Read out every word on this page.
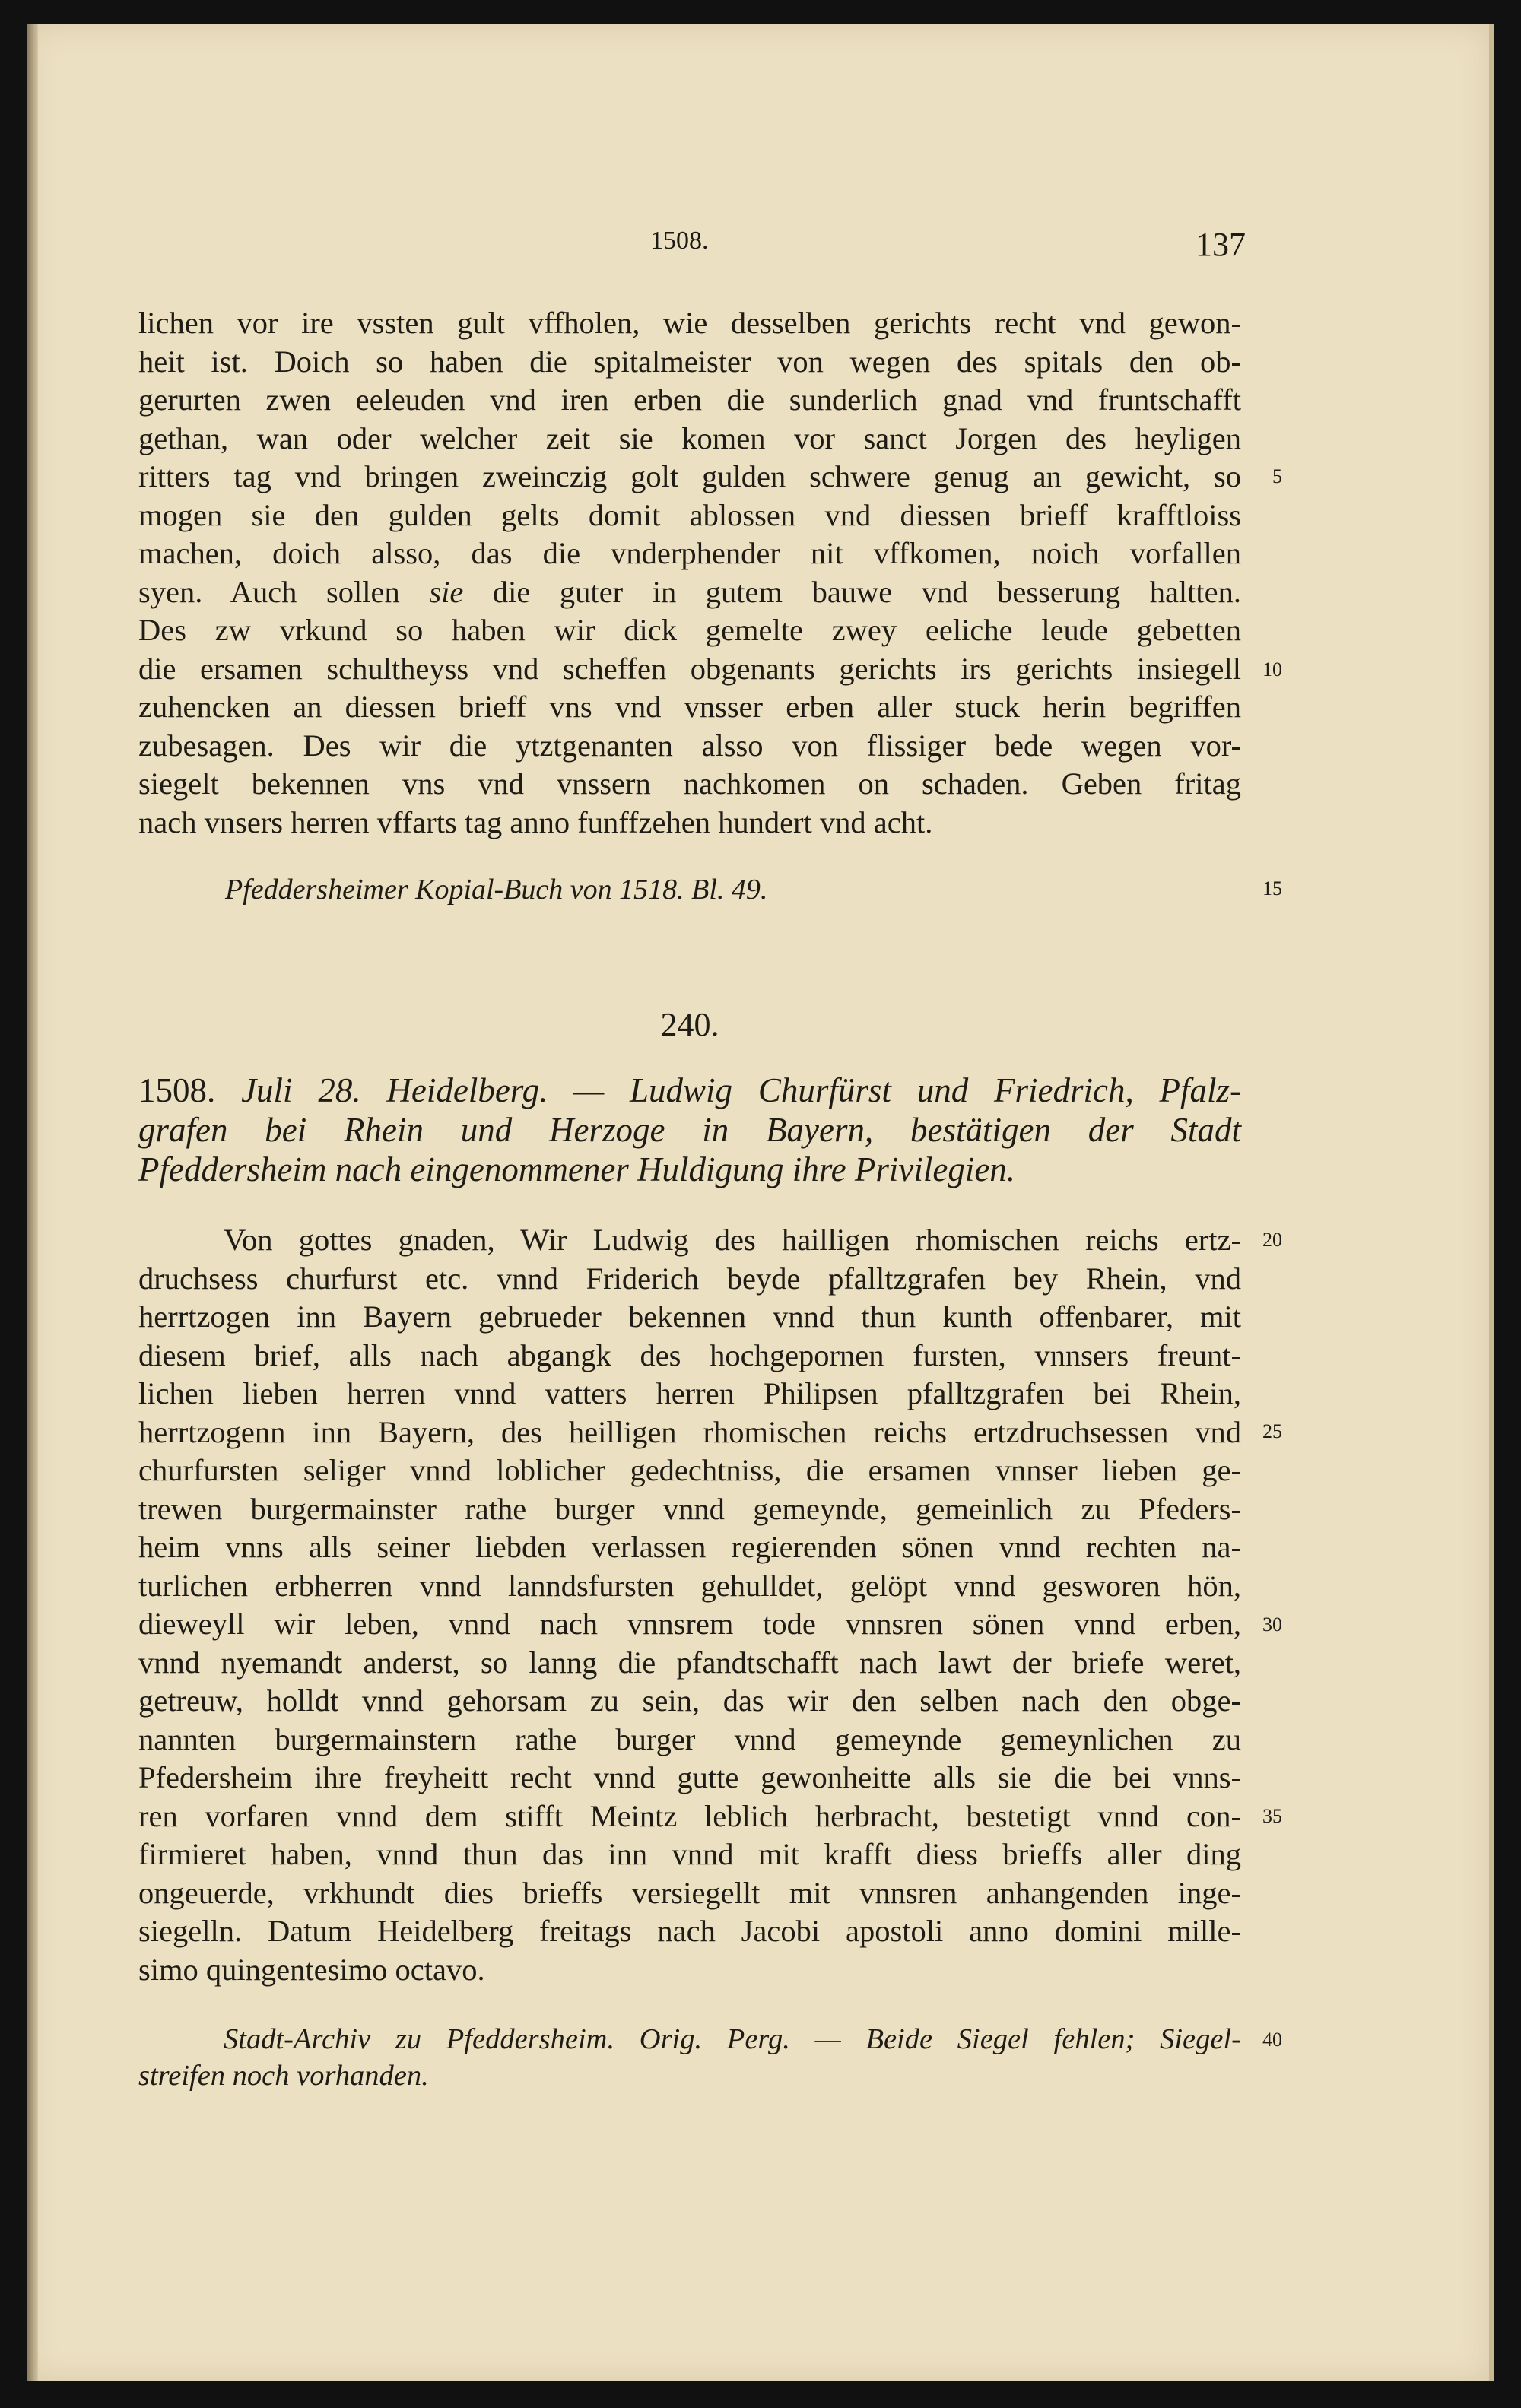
1508.	137
lichen vor ire vssten gult vffholen, wie desselben gerichts recht vnd gewon-
heit ist. Doich so haben die spitalmeister von wegen des spitals den ob-
gerurten zwen eeleuden vnd iren erben die sunderlich gnad vnd fruntschafft
gethan, wan oder welcher zeit sie komen vor sanct Jorgen des heyligen
ritters tag vnd bringen zweinczig golt gulden schwere genug an gewicht, so
mogen sie den gulden gelts domit ablossen vnd diessen brieff krafftloiss
machen, doich alsso, das die vnderphender nit vffkomen, noich vorfallen
syen. Auch sollen sie die guter in gutem bauwe vnd besserung haltten.
Des zw vrkund so haben wir dick gemelte zwey eeliche leude gebetten
die ersamen schultheyss vnd scheffen obgenants gerichts irs gerichts insiegell
zuhencken an diessen brieff vns vnd vnsser erben aller stuck herin begriffen
zubesagen. Des wir die ytztgenanten alsso von flissiger bede wegen vor-
siegelt bekennen vns vnd vnssern nachkomen on schaden. Geben fritag
nach vnsers herren vffarts tag anno funffzehen hundert vnd acht.
Pfeddersheimer Kopial-Buch von 1518. Bl. 49.
240.
1508. Juli 28. Heidelberg. — Ludwig Churfürst und Friedrich, Pfalz-
grafen bei Rhein und Herzoge in Bayern, bestätigen der Stadt
Pfeddersheim nach eingenommener Huldigung ihre Privilegien.
Von gottes gnaden, Wir Ludwig des hailligen rhomischen reichs ertz-
druchsess churfurst etc. vnnd Friderich beyde pfalltzgrafen bey Rhein, vnd
herrtzogen inn Bayern gebrueder bekennen vnnd thun kunth offenbarer, mit
diesem brief, alls nach abgangk des hochgepornen fursten, vnnsers freunt-
lichen lieben herren vnnd vatters herren Philipsen pfalltzgrafen bei Rhein,
herrtzogenn inn Bayern, des heilligen rhomischen reichs ertzdruchsessen vnd
churfursten seliger vnnd loblicher gedechtniss, die ersamen vnnser lieben ge-
trewen burgermainster rathe burger vnnd gemeynde, gemeinlich zu Pfeders-
heim vnns alls seiner liebden verlassen regierenden sönen vnnd rechten na-
turlichen erbherren vnnd lanndsfursten gehulldet, gelöpt vnnd gesworen hön,
dieweyll wir leben, vnnd nach vnnsrem tode vnnsren sönen vnnd erben,
vnnd nyemandt anderst, so lanng die pfandtschafft nach lawt der briefe weret,
getreuw, holldt vnnd gehorsam zu sein, das wir den selben nach den obge-
nannten burgermainstern rathe burger vnnd gemeynde gemeynlichen zu
Pfedersheim ihre freyheitt recht vnnd gutte gewonheitte alls sie die bei vnns-
ren vorfaren vnnd dem stifft Meintz leblich herbracht, bestetigt vnnd con-
firmieret haben, vnnd thun das inn vnnd mit krafft diess brieffs aller ding
ongeuerde, vrkhundt dies brieffs versiegellt mit vnnsren anhangenden inge-
siegelln. Datum Heidelberg freitags nach Jacobi apostoli anno domini mille-
simo quingentesimo octavo.
Stadt-Archiv zu Pfeddersheim. Orig. Perg. — Beide Siegel fehlen; Siegel-
streifen noch vorhanden.
5
10
15
20
25
30
35
40
